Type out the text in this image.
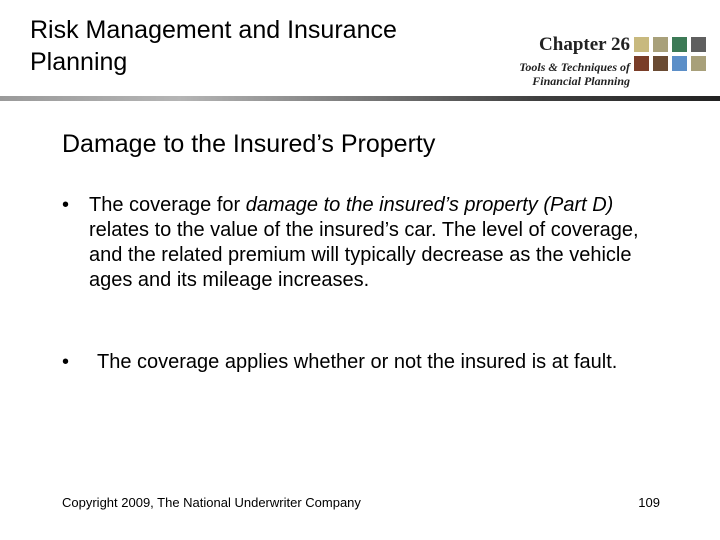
Risk Management and Insurance Planning
Chapter 26
Tools & Techniques of
Financial Planning
Damage to the Insured’s Property
• The coverage for damage to the insured’s property (Part D) relates to the value of the insured’s car. The level of coverage, and the related premium will typically decrease as the vehicle ages and its mileage increases.
•	The coverage applies whether or not the insured is at fault.
Copyright 2009, The National Underwriter Company	109
